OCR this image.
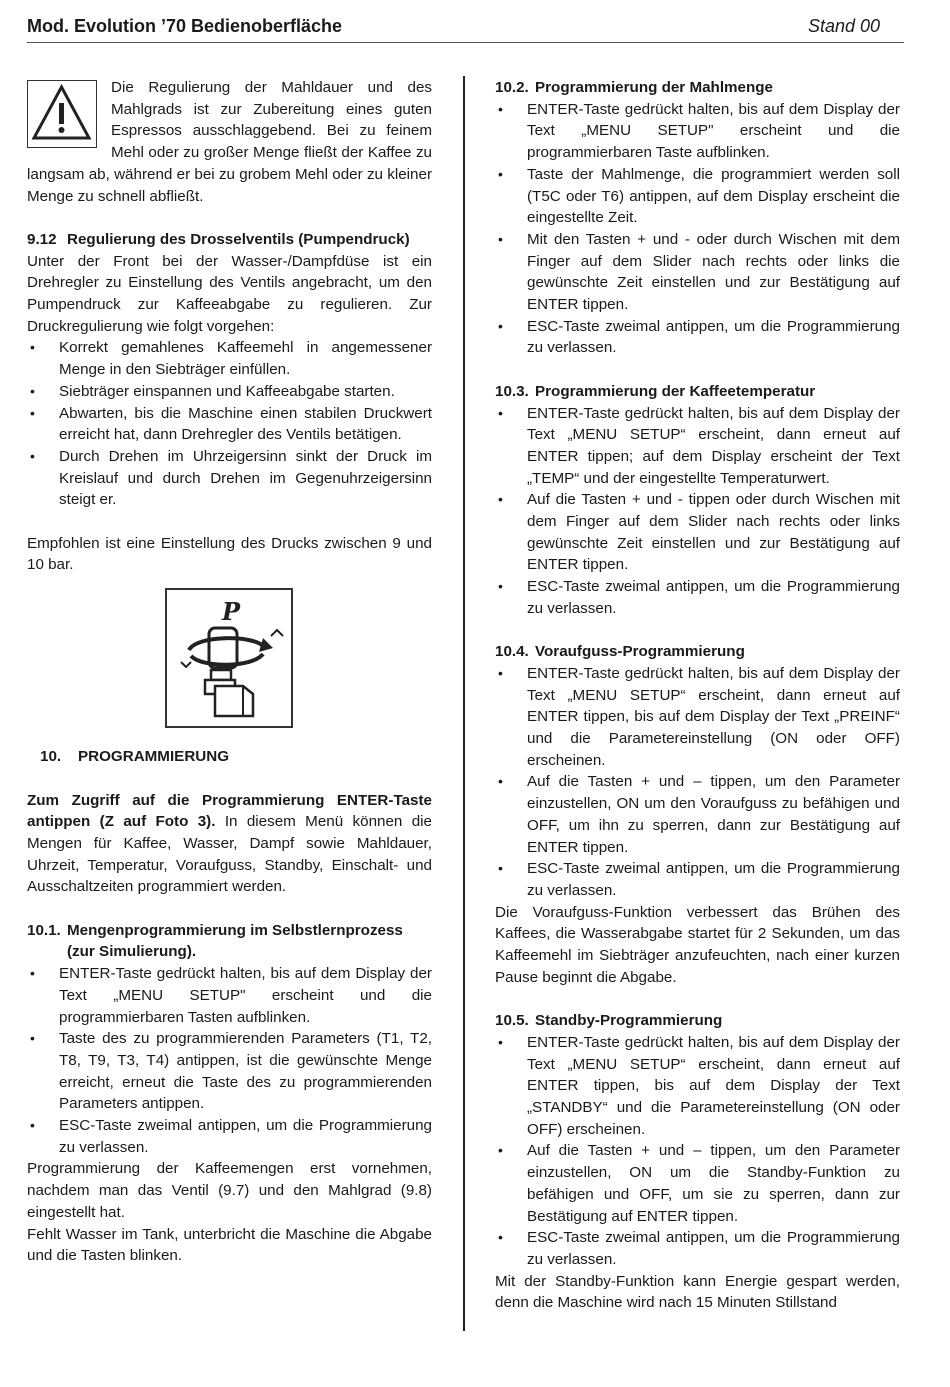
Mod. Evolution ’70 Bedienoberfläche	Stand 00

Die Regulierung der Mahldauer und des Mahlgrads ist zur Zubereitung eines guten Espressos ausschlaggebend. Bei zu feinem Mehl oder zu großer Menge fließt der Kaffee zu langsam ab, während er bei zu grobem Mehl oder zu kleiner Menge zu schnell abfließt.

9.12 Regulierung des Drosselventils (Pumpendruck)

Unter der Front bei der Wasser-/Dampfdüse ist ein Drehregler zu Einstellung des Ventils angebracht, um den Pumpendruck zur Kaffeeabgabe zu regulieren. Zur Druckregulierung wie folgt vorgehen:

• Korrekt gemahlenes Kaffeemehl in angemessener Menge in den Siebträger einfüllen.
• Siebträger einspannen und Kaffeeabgabe starten.
• Abwarten, bis die Maschine einen stabilen Druckwert erreicht hat, dann Drehregler des Ventils betätigen.
• Durch Drehen im Uhrzeigersinn sinkt der Druck im Kreislauf und durch Drehen im Gegenuhrzeigersinn steigt er.

Empfohlen ist eine Einstellung des Drucks zwischen 9 und 10 bar.

P

10. PROGRAMMIERUNG

Zum Zugriff auf die Programmierung ENTER-Taste antippen (Z auf Foto 3). In diesem Menü können die Mengen für Kaffee, Wasser, Dampf sowie Mahldauer, Uhrzeit, Temperatur, Voraufguss, Standby, Einschalt- und Ausschaltzeiten programmiert werden.

10.1. Mengenprogrammierung im Selbstlernprozess

(zur Simulierung).

• ENTER-Taste gedrückt halten, bis auf dem Display der Text „MENU SETUP" erscheint und die programmierbaren Tasten aufblinken.
• Taste des zu programmierenden Parameters (T1, T2, T8, T9, T3, T4) antippen, ist die gewünschte Menge erreicht, erneut die Taste des zu programmierenden Parameters antippen.
• ESC-Taste zweimal antippen, um die Programmierung zu verlassen.

Programmierung der Kaffeemengen erst vornehmen, nachdem man das Ventil (9.7) und den Mahlgrad (9.8) eingestellt hat.

Fehlt Wasser im Tank, unterbricht die Maschine die Abgabe und die Tasten blinken.

10.2. Programmierung der Mahlmenge

• ENTER-Taste gedrückt halten, bis auf dem Display der Text „MENU SETUP" erscheint und die programmierbaren Taste aufblinken.
• Taste der Mahlmenge, die programmiert werden soll (T5C oder T6) antippen, auf dem Display erscheint die eingestellte Zeit.
• Mit den Tasten + und - oder durch Wischen mit dem Finger auf dem Slider nach rechts oder links die gewünschte Zeit einstellen und zur Bestätigung auf ENTER tippen.
• ESC-Taste zweimal antippen, um die Programmierung zu verlassen.

10.3. Programmierung der Kaffeetemperatur

• ENTER-Taste gedrückt halten, bis auf dem Display der Text „MENU SETUP“ erscheint, dann erneut auf ENTER tippen; auf dem Display erscheint der Text „TEMP“ und der eingestellte Temperaturwert.
• Auf die Tasten + und - tippen oder durch Wischen mit dem Finger auf dem Slider nach rechts oder links gewünschte Zeit einstellen und zur Bestätigung auf ENTER tippen.
• ESC-Taste zweimal antippen, um die Programmierung zu verlassen.

10.4. Voraufguss-Programmierung

• ENTER-Taste gedrückt halten, bis auf dem Display der Text „MENU SETUP“ erscheint, dann erneut auf ENTER tippen, bis auf dem Display der Text „PREINF“ und die Parametereinstellung (ON oder OFF) erscheinen.
• Auf die Tasten + und – tippen, um den Parameter einzustellen, ON um den Voraufguss zu befähigen und OFF, um ihn zu sperren, dann zur Bestätigung auf ENTER tippen.
• ESC-Taste zweimal antippen, um die Programmierung zu verlassen.

Die Voraufguss-Funktion verbessert das Brühen des Kaffees, die Wasserabgabe startet für 2 Sekunden, um das Kaffeemehl im Siebträger anzufeuchten, nach einer kurzen Pause beginnt die Abgabe.

10.5. Standby-Programmierung

• ENTER-Taste gedrückt halten, bis auf dem Display der Text „MENU SETUP“ erscheint, dann erneut auf ENTER tippen, bis auf dem Display der Text „STANDBY“ und die Parametereinstellung (ON oder OFF) erscheinen.
• Auf die Tasten + und – tippen, um den Parameter einzustellen, ON um die Standby-Funktion zu befähigen und OFF, um sie zu sperren, dann zur Bestätigung auf ENTER tippen.
• ESC-Taste zweimal antippen, um die Programmierung zu verlassen.

Mit der Standby-Funktion kann Energie gespart werden, denn die Maschine wird nach 15 Minuten Stillstand
